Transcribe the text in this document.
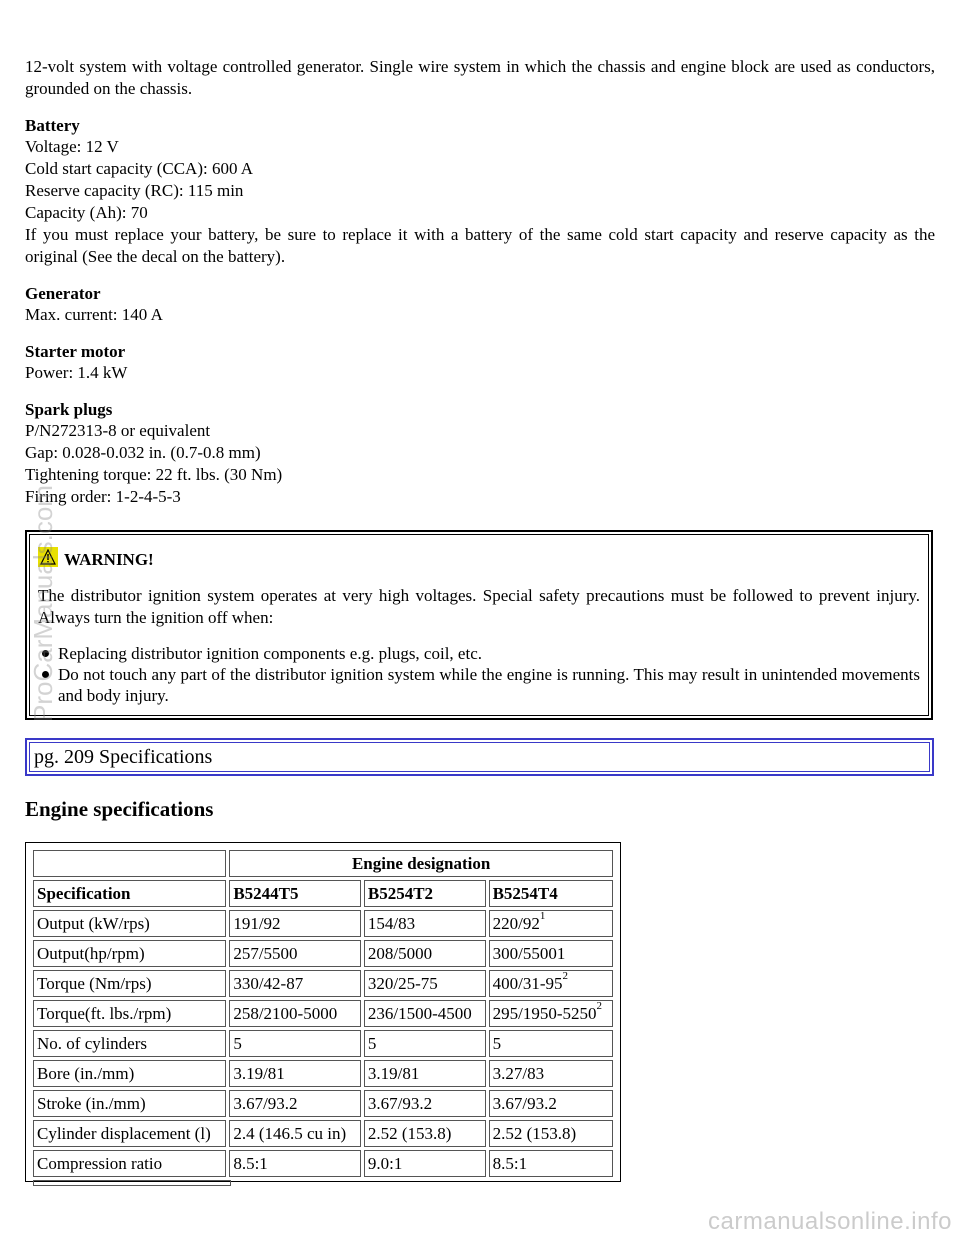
12-volt system with voltage controlled generator. Single wire system in which the chassis and engine block are used as conductors, grounded on the chassis.

Battery
Voltage: 12 V
Cold start capacity (CCA): 600 A
Reserve capacity (RC): 115 min
Capacity (Ah): 70
If you must replace your battery, be sure to replace it with a battery of the same cold start capacity and reserve capacity as the original (See the decal on the battery).
Generator
Max. current: 140 A
Starter motor
Power: 1.4 kW
Spark plugs
P/N272313-8 or equivalent
Gap: 0.028-0.032 in. (0.7-0.8 mm)
Tightening torque: 22 ft. lbs. (30 Nm)
Firing order: 1-2-4-5-3
WARNING!

The distributor ignition system operates at very high voltages. Special safety precautions must be followed to prevent injury. Always turn the ignition off when:

Replacing distributor ignition components e.g. plugs, coil, etc.
Do not touch any part of the distributor ignition system while the engine is running. This may result in unintended movements and body injury.
pg. 209 Specifications
Engine specifications
	Engine designation		
Specification	B5244T5	B5254T2	B5254T4
Output (kW/rps)	191/92	154/83	$220/92^1$
Output(hp/rpm)	257/5500	208/5000	300/55001
Torque (Nm/rps)	330/42-87	320/25-75	$400/31-95^2$
Torque(ft. lbs./rpm)	258/2100-5000	236/1500-4500	295/1950-5250$^2$
No. of cylinders	5	5	5
Bore (in./mm)	3.19/81	3.19/81	3.27/83
Stroke (in./mm)	3.67/93.2	3.67/93.2	3.67/93.2
Cylinder displacement (l)	2.4 (146.5 cu in)	2.52 (153.8)	2.52 (153.8)
Compression ratio	8.5:1	9.0:1	8.5:1
ProCarManuals.com
carmanualsonline.info
